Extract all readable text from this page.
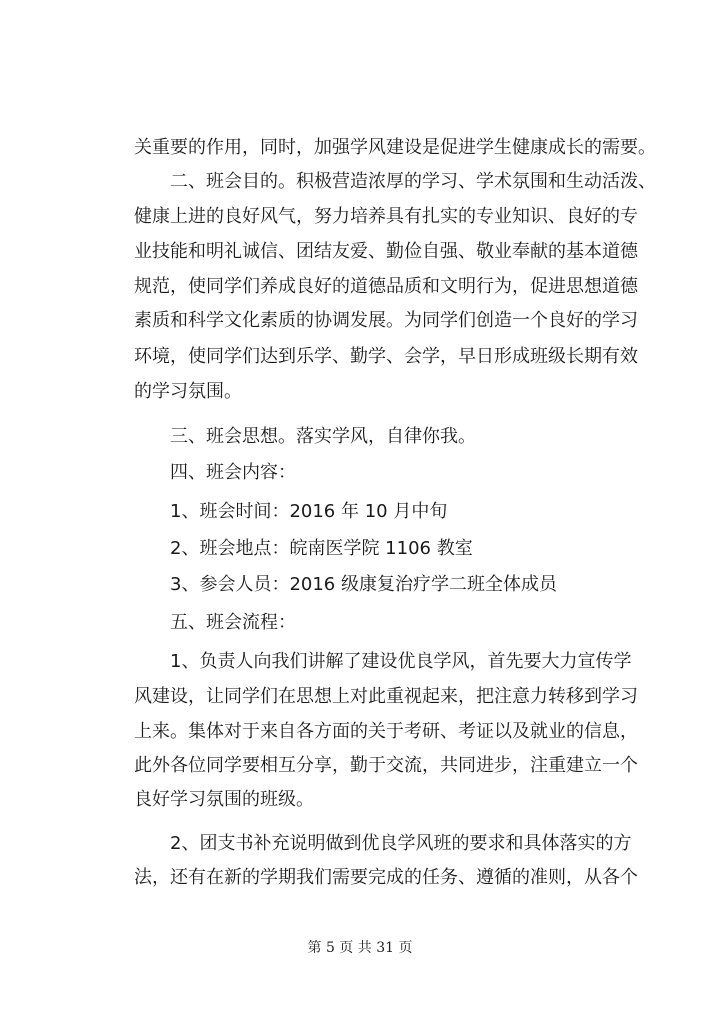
关重要的作用，同时，加强学风建设是促进学生健康成长的需要。
二、班会目的。积极营造浓厚的学习、学术氛围和生动活泼、
健康上进的良好风气，努力培养具有扎实的专业知识、良好的专
业技能和明礼诚信、团结友爱、勤俭自强、敬业奉献的基本道德
规范，使同学们养成良好的道德品质和文明行为，促进思想道德
素质和科学文化素质的协调发展。为同学们创造一个良好的学习
环境，使同学们达到乐学、勤学、会学，早日形成班级长期有效
的学习氛围。
三、班会思想。落实学风，自律你我。
四、班会内容：
1、班会时间：2016 年 10 月中旬
2、班会地点：皖南医学院 1106 教室
3、参会人员：2016 级康复治疗学二班全体成员
五、班会流程：
1、负责人向我们讲解了建设优良学风，首先要大力宣传学
风建设，让同学们在思想上对此重视起来，把注意力转移到学习
上来。集体对于来自各方面的关于考研、考证以及就业的信息，
此外各位同学要相互分享，勤于交流，共同进步，注重建立一个
良好学习氛围的班级。
2、团支书补充说明做到优良学风班的要求和具体落实的方
法，还有在新的学期我们需要完成的任务、遵循的准则，从各个
第 5 页 共 31 页
